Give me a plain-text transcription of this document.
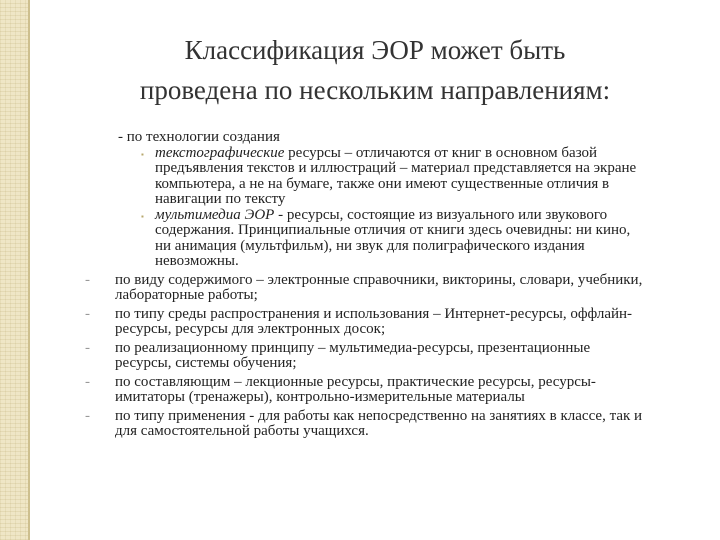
Классификация ЭОР может быть
проведена по нескольким направлениям:
- по технологии создания
▪ текстографические ресурсы – отличаются от книг в основном базой предъявления текстов и иллюстраций – материал представляется на экране компьютера, а не на бумаге, также они имеют существенные отличия в навигации по тексту
▪ мультимедиа ЭОР - ресурсы, состоящие из визуального или звукового содержания. Принципиальные отличия от книги здесь очевидны: ни кино, ни анимация (мультфильм), ни звук для полиграфического издания невозможны.
- по виду содержимого – электронные справочники, викторины, словари, учебники, лабораторные работы;
- по типу среды распространения и использования – Интернет-ресурсы, оффлайн-ресурсы, ресурсы для электронных досок;
- по реализационному принципу – мультимедиа-ресурсы, презентационные ресурсы, системы обучения;
- по составляющим – лекционные ресурсы, практические ресурсы, ресурсы-имитаторы (тренажеры), контрольно-измерительные материалы
- по типу применения - для работы как непосредственно на занятиях в классе, так и для самостоятельной работы учащихся.
